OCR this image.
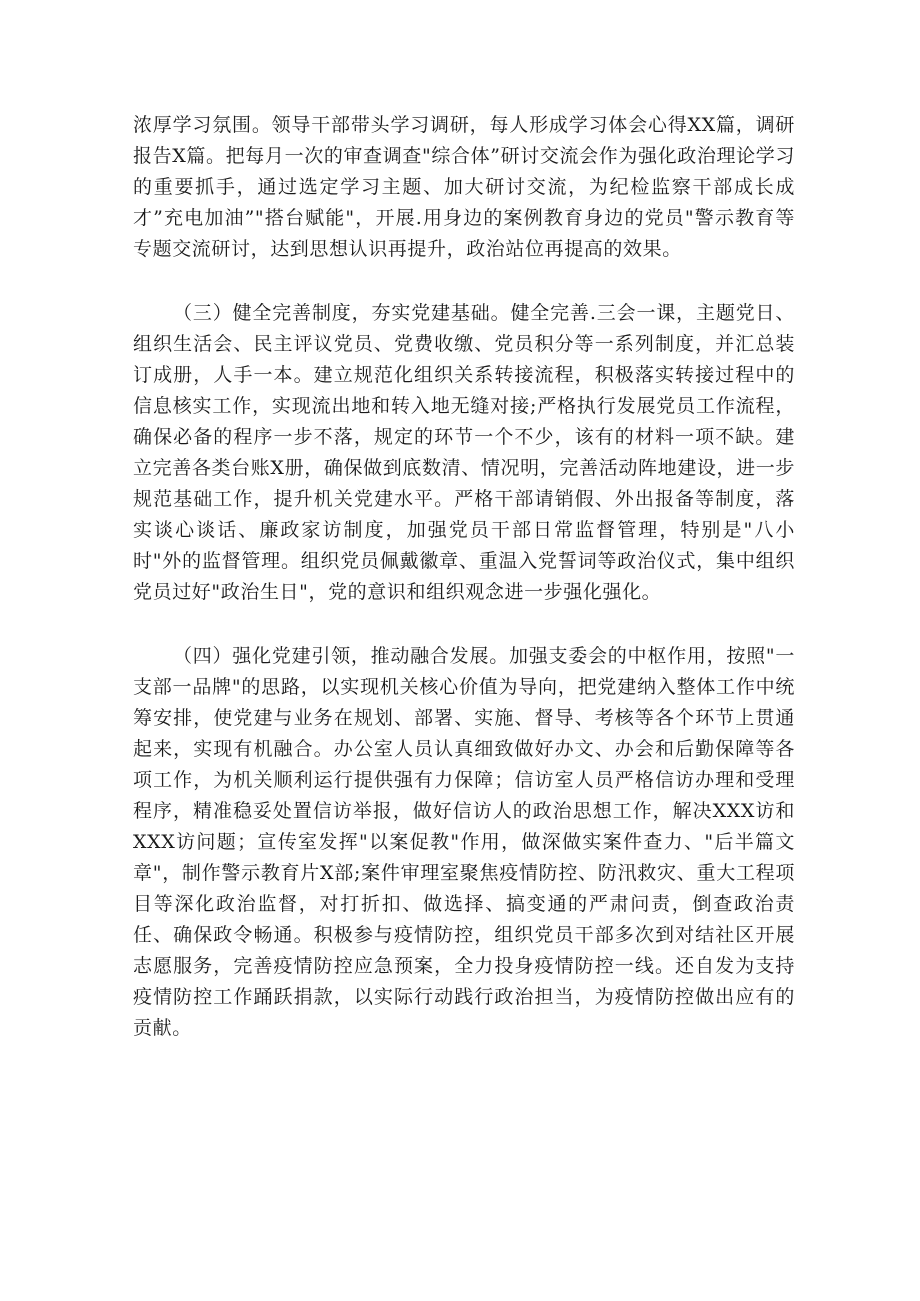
浓厚学习氛围。领导干部带头学习调研，每人形成学习体会心得XX篇，调研报告X篇。把每月一次的审查调查"综合体”研讨交流会作为强化政治理论学习的重要抓手，通过选定学习主题、加大研讨交流，为纪检监察干部成长成才”充电加油”"搭台赋能"，开展.用身边的案例教育身边的党员"警示教育等专题交流研讨，达到思想认识再提升，政治站位再提高的效果。

（三）健全完善制度，夯实党建基础。健全完善.三会一课，主题党日、组织生活会、民主评议党员、党费收缴、党员积分等一系列制度，并汇总装订成册，人手一本。建立规范化组织关系转接流程，积极落实转接过程中的信息核实工作，实现流出地和转入地无缝对接;严格执行发展党员工作流程，确保必备的程序一步不落，规定的环节一个不少，该有的材料一项不缺。建立完善各类台账X册，确保做到底数清、情况明，完善活动阵地建设，进一步规范基础工作，提升机关党建水平。严格干部请销假、外出报备等制度，落实谈心谈话、廉政家访制度，加强党员干部日常监督管理，特别是"八小时"外的监督管理。组织党员佩戴徽章、重温入党誓词等政治仪式，集中组织党员过好"政治生日"，党的意识和组织观念进一步强化强化。

（四）强化党建引领，推动融合发展。加强支委会的中枢作用，按照"一支部一品牌"的思路，以实现机关核心价值为导向，把党建纳入整体工作中统筹安排，使党建与业务在规划、部署、实施、督导、考核等各个环节上贯通起来，实现有机融合。办公室人员认真细致做好办文、办会和后勤保障等各项工作，为机关顺利运行提供强有力保障；信访室人员严格信访办理和受理程序，精准稳妥处置信访举报，做好信访人的政治思想工作，解决XXX访和XXX访问题；宣传室发挥"以案促教"作用，做深做实案件查力、"后半篇文章"，制作警示教育片X部;案件审理室聚焦疫情防控、防汛救灾、重大工程项目等深化政治监督，对打折扣、做选择、搞变通的严肃问责，倒查政治责任、确保政令畅通。积极参与疫情防控，组织党员干部多次到对结社区开展志愿服务，完善疫情防控应急预案，全力投身疫情防控一线。还自发为支持疫情防控工作踊跃捐款，以实际行动践行政治担当，为疫情防控做出应有的贡献。
